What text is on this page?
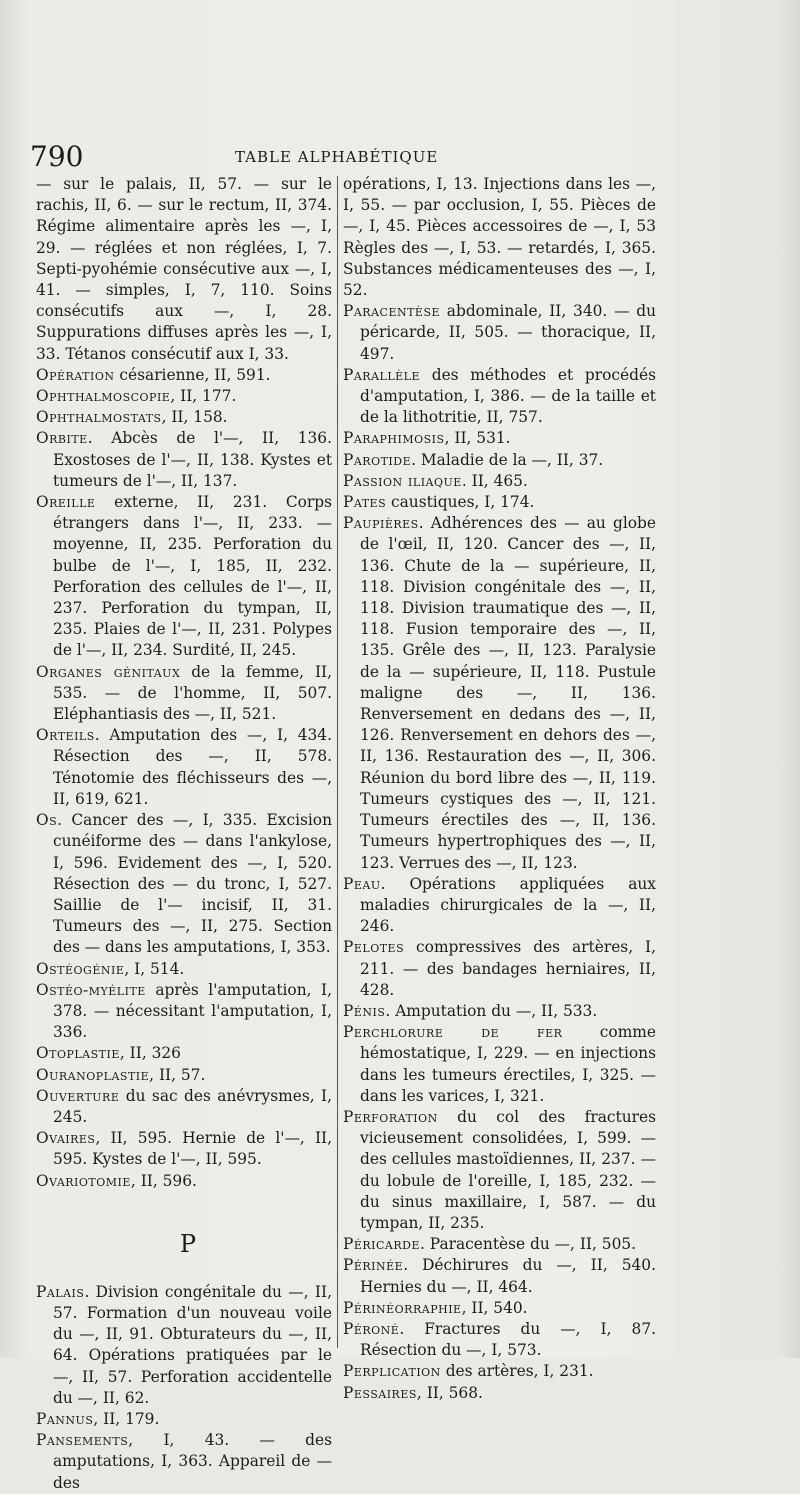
790	TABLE ALPHABÉTIQUE

— sur le palais, II, 57. — sur le rachis, II, 6. — sur le rectum, II, 374. Régime alimentaire après les —, I, 29. — réglées et non réglées, I, 7. Septi-pyohémie consécutive aux —, I, 41. — simples, I, 7, 110. Soins consécutifs aux —, I, 28. Suppurations diffuses après les —, I, 33. Tétanos consécutif aux I, 33.

Opération césarienne, II, 591.

Ophthalmoscopie, II, 177.

Ophthalmostats, II, 158.

Orbite. Abcès de l'—, II, 136. Exostoses de l'—, II, 138. Kystes et tumeurs de l'—, II, 137.

Oreille externe, II, 231. Corps étrangers dans l'—, II, 233. — moyenne, II, 235. Perforation du bulbe de l'—, I, 185, II, 232. Perforation des cellules de l'—, II, 237. Perforation du tympan, II, 235. Plaies de l'—, II, 231. Polypes de l'—, II, 234. Surdité, II, 245.

Organes génitaux de la femme, II, 535. — de l'homme, II, 507. Eléphantiasis des —, II, 521.

Orteils. Amputation des —, I, 434. Résection des —, II, 578. Ténotomie des fléchisseurs des —, II, 619, 621.

Os. Cancer des —, I, 335. Excision cunéiforme des — dans l'ankylose, I, 596. Evidement des —, I, 520. Résection des — du tronc, I, 527. Saillie de l'— incisif, II, 31. Tumeurs des —, II, 275. Section des — dans les amputations, I, 353.

Ostéogénie, I, 514.

Ostéo-myélite après l'amputation, I, 378. — nécessitant l'amputation, I, 336.

Otoplastie, II, 326

Ouranoplastie, II, 57.

Ouverture du sac des anévrysmes, I, 245.

Ovaires, II, 595. Hernie de l'—, II, 595. Kystes de l'—, II, 595.

Ovariotomie, II, 596.

P

Palais. Division congénitale du —, II, 57. Formation d'un nouveau voile du —, II, 91. Obturateurs du —, II, 64. Opérations pratiquées par le —, II, 57. Perforation accidentelle du —, II, 62.

Pannus, II, 179.

Pansements, I, 43. — des amputations, I, 363. Appareil de — des

opérations, I, 13. Injections dans les —, I, 55. — par occlusion, I, 55. Pièces de —, I, 45. Pièces accessoires de —, I, 53 Règles des —, I, 53. — retardés, I, 365. Substances médicamenteuses des —, I, 52.

Paracentèse abdominale, II, 340. — du péricarde, II, 505. — thoracique, II, 497.

Parallèle des méthodes et procédés d'amputation, I, 386. — de la taille et de la lithotritie, II, 757.

Paraphimosis, II, 531.

Parotide. Maladie de la —, II, 37.

Passion iliaque. II, 465.

Pates caustiques, I, 174.

Paupières. Adhérences des — au globe de l'œil, II, 120. Cancer des —, II, 136. Chute de la — supérieure, II, 118. Division congénitale des —, II, 118. Division traumatique des —, II, 118. Fusion temporaire des —, II, 135. Grêle des —, II, 123. Paralysie de la — supérieure, II, 118. Pustule maligne des —, II, 136. Renversement en dedans des —, II, 126. Renversement en dehors des —, II, 136. Restauration des —, II, 306. Réunion du bord libre des —, II, 119. Tumeurs cystiques des —, II, 121. Tumeurs érectiles des —, II, 136. Tumeurs hypertrophiques des —, II, 123. Verrues des —, II, 123.

Peau. Opérations appliquées aux maladies chirurgicales de la —, II, 246.

Pelotes compressives des artères, I, 211. — des bandages herniaires, II, 428.

Pénis. Amputation du —, II, 533.

Perchlorure de fer comme hémostatique, I, 229. — en injections dans les tumeurs érectiles, I, 325. — dans les varices, I, 321.

Perforation du col des fractures vicieusement consolidées, I, 599. — des cellules mastoïdiennes, II, 237. — du lobule de l'oreille, I, 185, 232. — du sinus maxillaire, I, 587. — du tympan, II, 235.

Péricarde. Paracentèse du —, II, 505.

Périnée. Déchirures du —, II, 540. Hernies du —, II, 464.

Périnéorraphie, II, 540.

Péroné. Fractures du —, I, 87. Résection du —, I, 573.

Perplication des artères, I, 231.

Pessaires, II, 568.
